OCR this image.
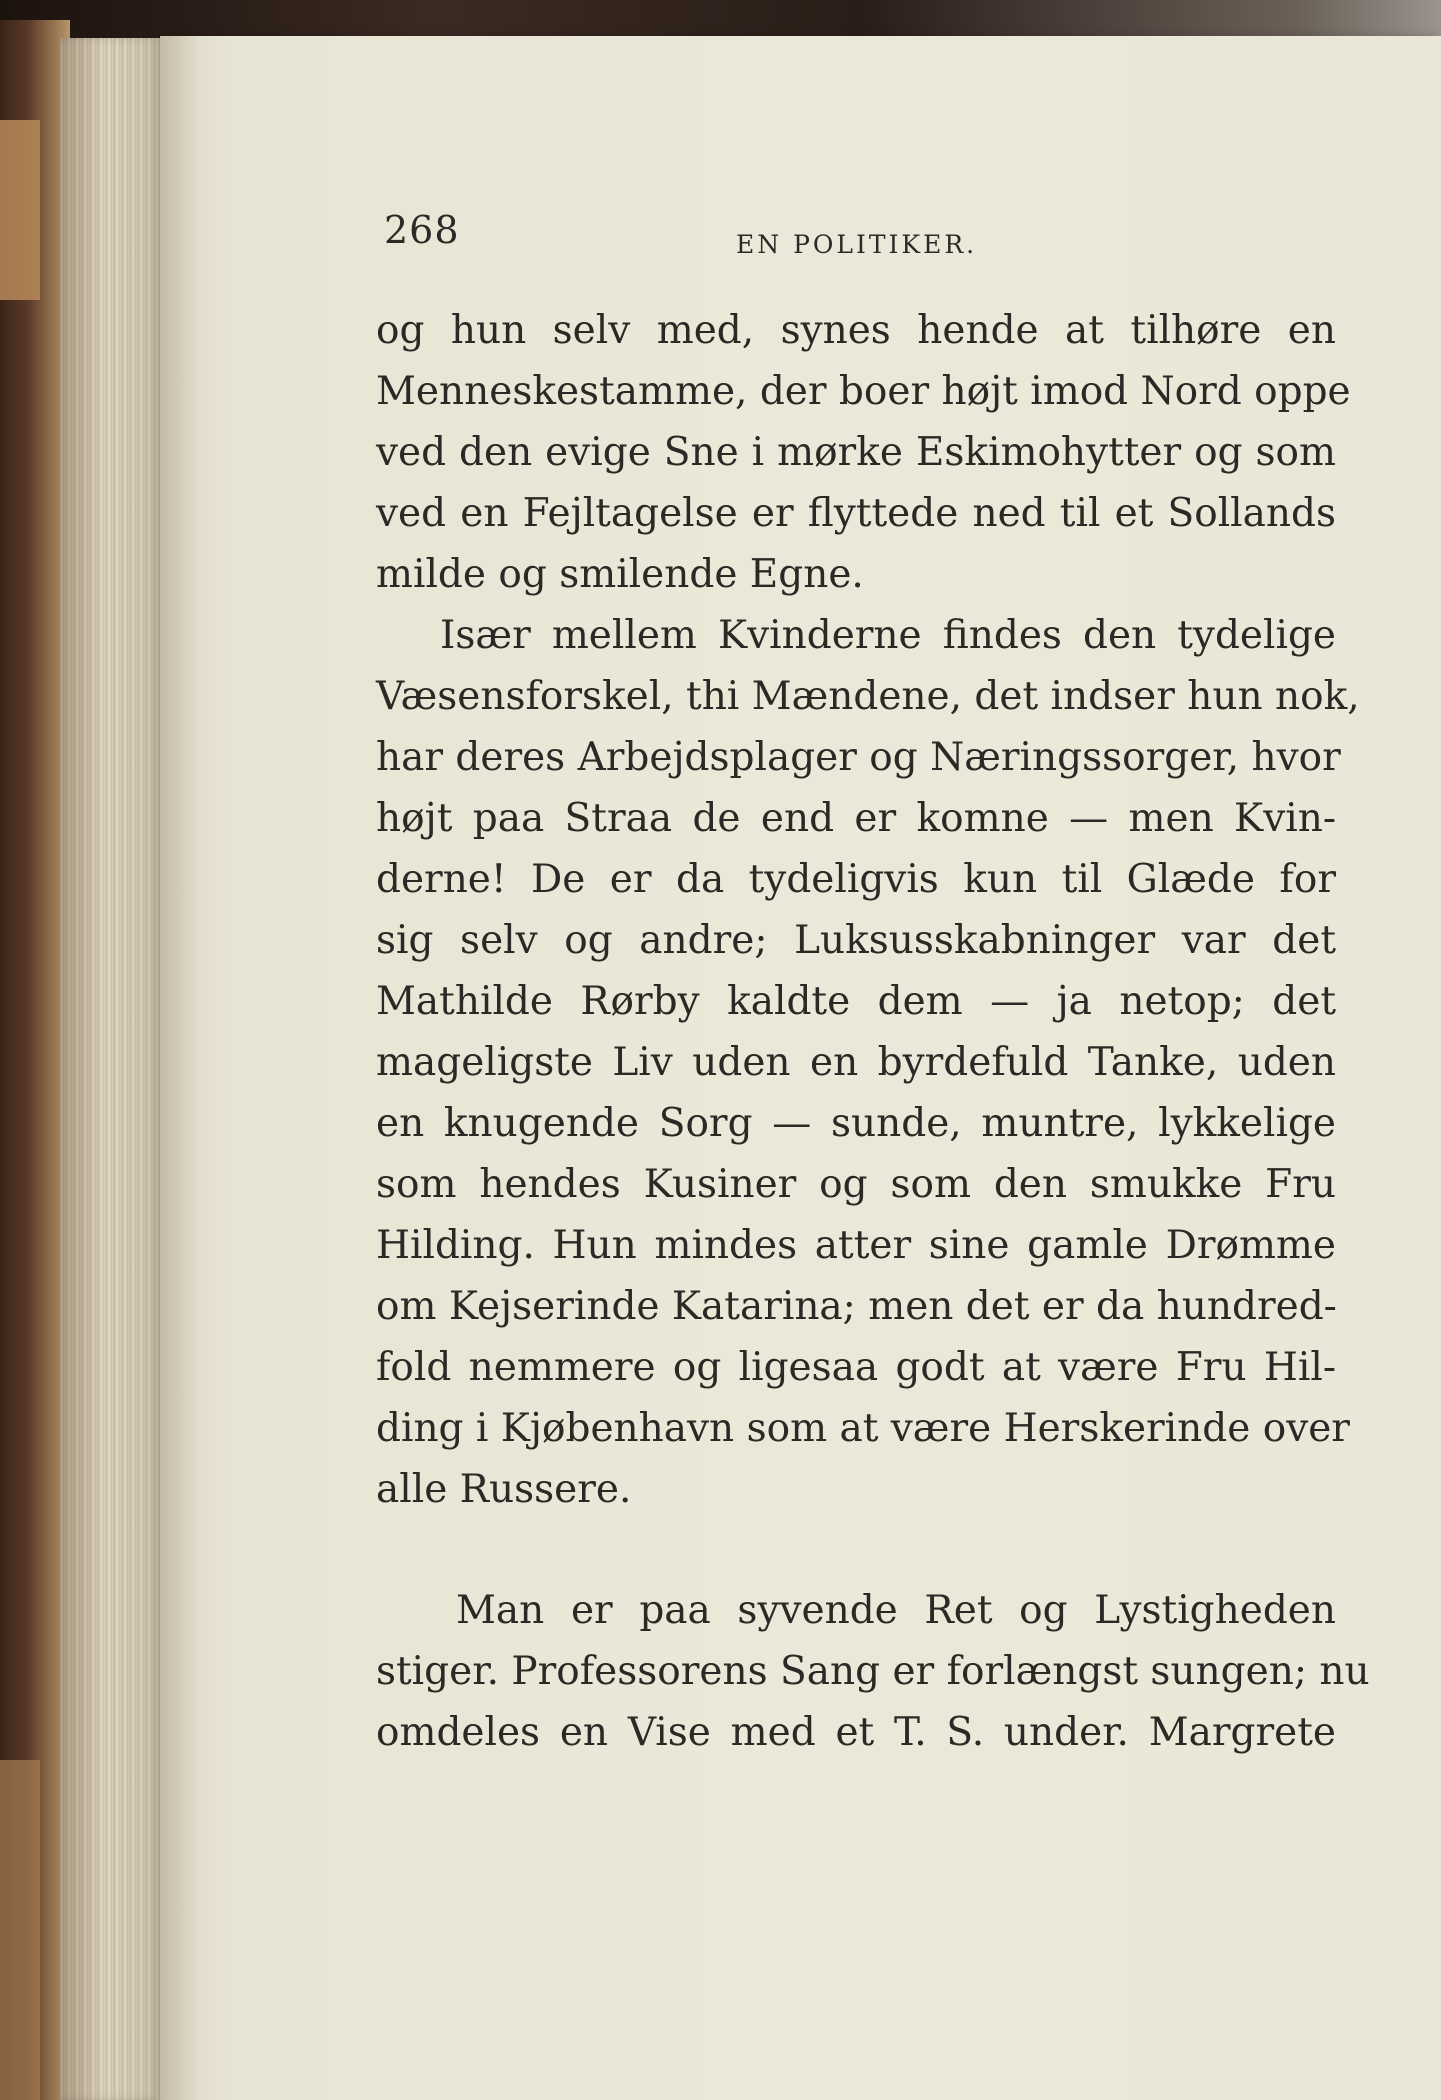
268	EN POLITIKER.
og hun selv med, synes hende at tilhøre en
Menneskestamme, der boer højt imod Nord oppe
ved den evige Sne i mørke Eskimohytter og som
ved en Fejltagelse er flyttede ned til et Sollands
milde og smilende Egne.
Især mellem Kvinderne findes den tydelige
Væsensforskel, thi Mændene, det indser hun nok,
har deres Arbejdsplager og Næringssorger, hvor
højt paa Straa de end er komne — men Kvin-
derne! De er da tydeligvis kun til Glæde for
sig selv og andre; Luksusskabninger var det
Mathilde Rørby kaldte dem — ja netop; det
mageligste Liv uden en byrdefuld Tanke, uden
en knugende Sorg — sunde, muntre, lykkelige
som hendes Kusiner og som den smukke Fru
Hilding. Hun mindes atter sine gamle Drømme
om Kejserinde Katarina; men det er da hundred-
fold nemmere og ligesaa godt at være Fru Hil-
ding i Kjøbenhavn som at være Herskerinde over
alle Russere.
Man er paa syvende Ret og Lystigheden
stiger. Professorens Sang er forlængst sungen; nu
omdeles en Vise med et T. S. under. Margrete
